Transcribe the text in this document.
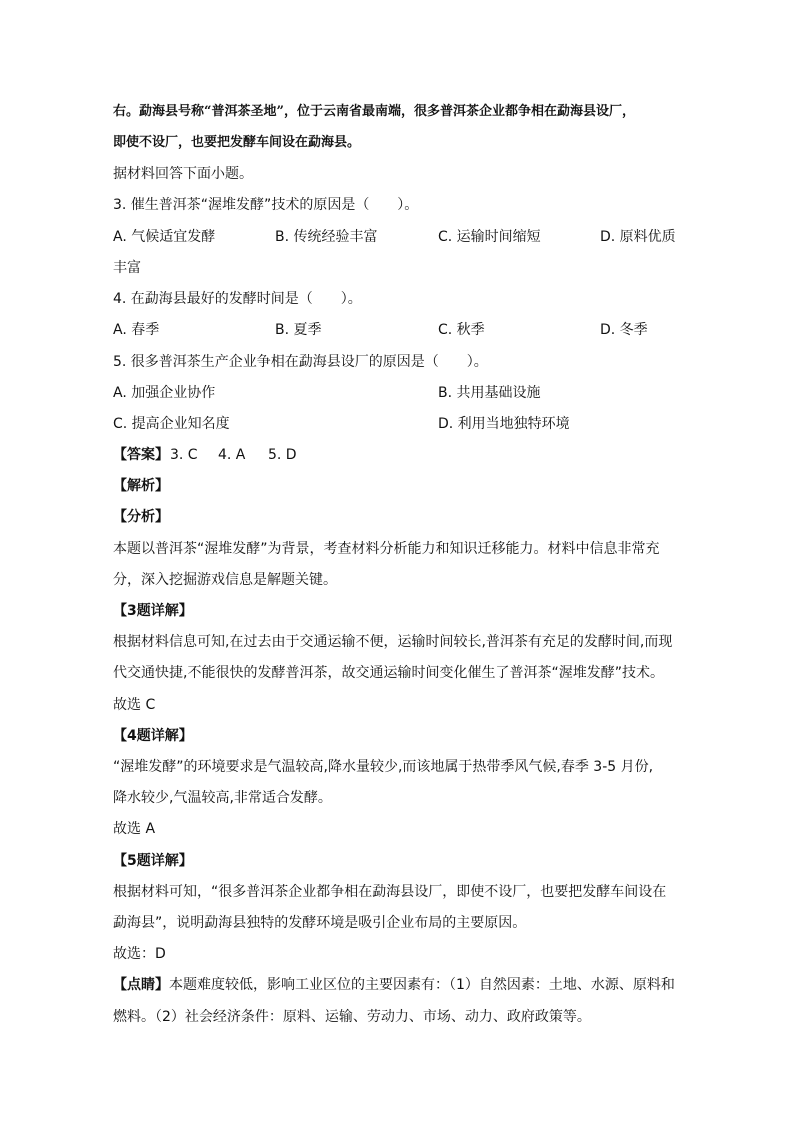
右。勐海县号称“普洱茶圣地”，位于云南省最南端，很多普洱茶企业都争相在勐海县设厂，
即使不设厂，也要把发酵车间设在勐海县。
据材料回答下面小题。
3. 催生普洱茶“渥堆发酵”技术的原因是（　　）。
A. 气候适宜发酵	B. 传统经验丰富	C. 运输时间缩短	D. 原料优质
丰富
4. 在勐海县最好的发酵时间是（　　）。
A. 春季	B. 夏季	C. 秋季	D. 冬季
5. 很多普洱茶生产企业争相在勐海县设厂的原因是（　　）。
A. 加强企业协作	B. 共用基础设施
C. 提高企业知名度	D. 利用当地独特环境
【答案】 3. C 4. A 5. D
【解析】
【分析】
本题以普洱茶“渥堆发酵”为背景，考查材料分析能力和知识迁移能力。材料中信息非常充
分，深入挖掘游戏信息是解题关键。
【3题详解】
根据材料信息可知,在过去由于交通运输不便，运输时间较长,普洱茶有充足的发酵时间,而现
代交通快捷,不能很快的发酵普洱茶，故交通运输时间变化催生了普洱茶“渥堆发酵”技术。
故选 C
【4题详解】
“渥堆发酵”的环境要求是气温较高,降水量较少,而该地属于热带季风气候,春季 3-5 月份,
降水较少,气温较高,非常适合发酵。
故选 A
【5题详解】
根据材料可知，“很多普洱茶企业都争相在勐海县设厂，即使不设厂，也要把发酵车间设在
勐海县”，说明勐海县独特的发酵环境是吸引企业布局的主要原因。
故选：D
【点睛】本题难度较低，影响工业区位的主要因素有：（1）自然因素：土地、水源、原料和
燃料。（2）社会经济条件：原料、运输、劳动力、市场、动力、政府政策等。
